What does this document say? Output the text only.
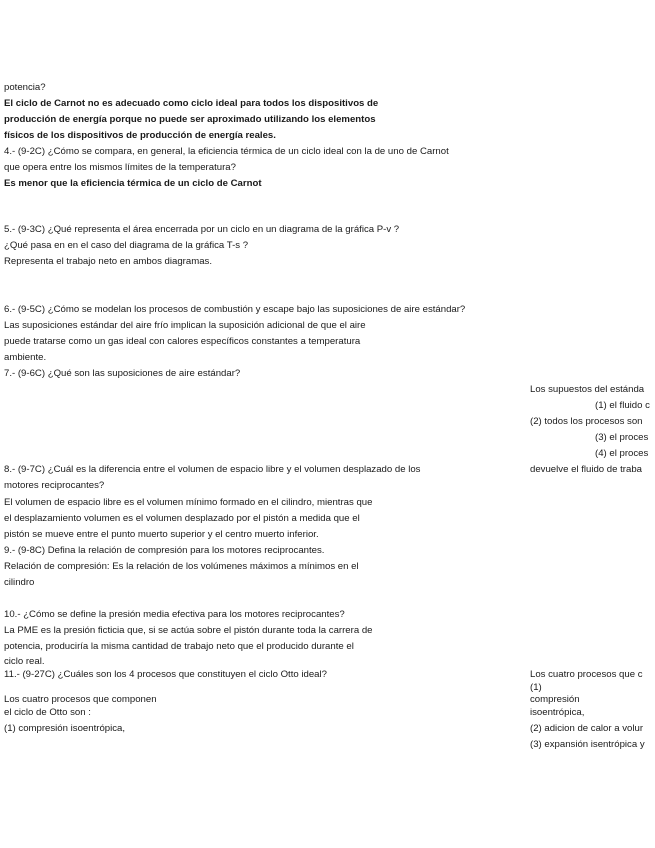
potencia?

El ciclo de Carnot no es adecuado como ciclo ideal para todos los dispositivos de

producción de energía porque no puede ser aproximado utilizando los elementos

físicos de los dispositivos de producción de energía reales.

4.- (9-2C) ¿Cómo se compara, en general, la eficiencia térmica de un ciclo ideal con la de uno de Carnot

que opera entre los mismos límites de la temperatura?

Es menor que la eficiencia térmica de un ciclo de Carnot

5.- (9-3C) ¿Qué representa el área encerrada por un ciclo en un diagrama de la gráfica P-v ?

¿Qué pasa en en el caso del diagrama de la gráfica T-s ?

Representa el trabajo neto en ambos diagramas.

6.- (9-5C) ¿Cómo se modelan los procesos de combustión y escape bajo las suposiciones de aire estándar?

Las suposiciones estándar del aire frío implican la suposición adicional de que el aire

puede tratarse como un gas ideal con calores específicos constantes a temperatura

ambiente.

7.- (9-6C) ¿Qué son las suposiciones de aire estándar?

8.- (9-7C) ¿Cuál es la diferencia entre el volumen de espacio libre y el volumen desplazado de los

motores reciprocantes?

El volumen de espacio libre es el volumen mínimo formado en el cilindro, mientras que

el desplazamiento volumen es el volumen desplazado por el pistón a medida que el

pistón se mueve entre el punto muerto superior y el centro muerto inferior.

9.- (9-8C) Defina la relación de compresión para los motores reciprocantes.

Relación de compresión: Es la relación de los volúmenes máximos a mínimos en el

cilindro

10.- ¿Cómo se define la presión media efectiva para los motores reciprocantes?

La PME es la presión ficticia que, si se actúa sobre el pistón durante toda la carrera de

potencia, produciría la misma cantidad de trabajo neto que el producido durante el

ciclo real.

11.- (9-27C) ¿Cuáles son los 4 procesos que constituyen el ciclo Otto ideal?

Los cuatro procesos que componen

el ciclo de Otto son :

(1) compresión isoentrópica,

Los supuestos del estánda

(1) el fluido c

(2) todos los procesos son

(3) el proces

(4) el proces

devuelve el fluido de traba

Los cuatro procesos que c

(1)

compresión

isoentrópica,

(2) adicion de calor a volur

(3) expansión isentrópica y
